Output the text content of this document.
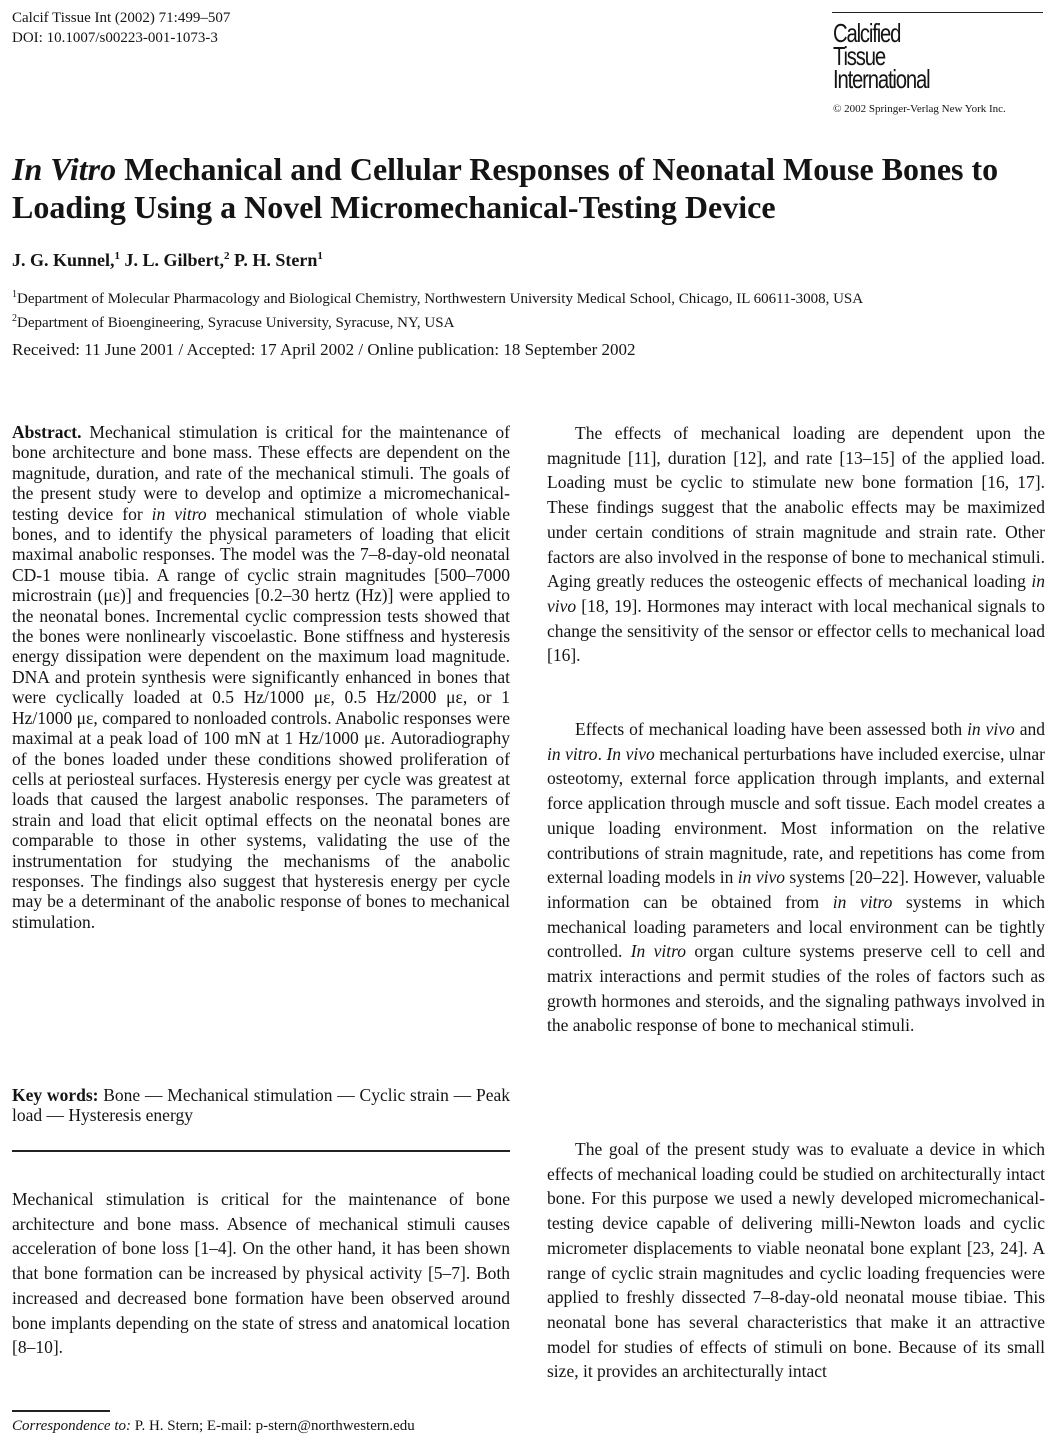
Calcif Tissue Int (2002) 71:499–507
DOI: 10.1007/s00223-001-1073-3	Calcified
Tissue
International
© 2002 Springer-Verlag New York Inc.
In Vitro Mechanical and Cellular Responses of Neonatal Mouse Bones to Loading Using a Novel Micromechanical-Testing Device
J. G. Kunnel,$^1$ J. L. Gilbert,$^2$ P. H. Stern$^1$
$^1$Department of Molecular Pharmacology and Biological Chemistry, Northwestern University Medical School, Chicago, IL 60611-3008, USA
$^2$Department of Bioengineering, Syracuse University, Syracuse, NY, USA
Received: 11 June 2001 / Accepted: 17 April 2002 / Online publication: 18 September 2002

Abstract. Mechanical stimulation is critical for the maintenance of bone architecture and bone mass. These effects are dependent on the magnitude, duration, and rate of the mechanical stimuli. The goals of the present study were to develop and optimize a micromechanical-testing device for in vitro mechanical stimulation of whole viable bones, and to identify the physical parameters of loading that elicit maximal anabolic responses. The model was the 7–8-day-old neonatal CD-1 mouse tibia. A range of cyclic strain magnitudes [500–7000 microstrain (με)] and frequencies [0.2–30 hertz (Hz)] were applied to the neonatal bones. Incremental cyclic compression tests showed that the bones were nonlinearly viscoelastic. Bone stiffness and hysteresis energy dissipation were dependent on the maximum load magnitude. DNA and protein synthesis were significantly enhanced in bones that were cyclically loaded at 0.5 Hz/1000 με, 0.5 Hz/2000 με, or 1 Hz/1000 με, compared to nonloaded controls. Anabolic responses were maximal at a peak load of 100 mN at 1 Hz/1000 με. Autoradiography of the bones loaded under these conditions showed proliferation of cells at periosteal surfaces. Hysteresis energy per cycle was greatest at loads that caused the largest anabolic responses. The parameters of strain and load that elicit optimal effects on the neonatal bones are comparable to those in other systems, validating the use of the instrumentation for studying the mechanisms of the anabolic responses. The findings also suggest that hysteresis energy per cycle may be a determinant of the anabolic response of bones to mechanical stimulation.

Key words: Bone — Mechanical stimulation — Cyclic strain — Peak load — Hysteresis energy

Mechanical stimulation is critical for the maintenance of bone architecture and bone mass. Absence of mechanical stimuli causes acceleration of bone loss [1–4]. On the other hand, it has been shown that bone formation can be increased by physical activity [5–7]. Both increased and decreased bone formation have been observed around bone implants depending on the state of stress and anatomical location [8–10].

Correspondence to: P. H. Stern; E-mail: p-stern@northwestern.edu

The effects of mechanical loading are dependent upon the magnitude [11], duration [12], and rate [13–15] of the applied load. Loading must be cyclic to stimulate new bone formation [16, 17]. These findings suggest that the anabolic effects may be maximized under certain conditions of strain magnitude and strain rate. Other factors are also involved in the response of bone to mechanical stimuli. Aging greatly reduces the osteogenic effects of mechanical loading in vivo [18, 19]. Hormones may interact with local mechanical signals to change the sensitivity of the sensor or effector cells to mechanical load [16].

Effects of mechanical loading have been assessed both in vivo and in vitro. In vivo mechanical perturbations have included exercise, ulnar osteotomy, external force application through implants, and external force application through muscle and soft tissue. Each model creates a unique loading environment. Most information on the relative contributions of strain magnitude, rate, and repetitions has come from external loading models in in vivo systems [20–22]. However, valuable information can be obtained from in vitro systems in which mechanical loading parameters and local environment can be tightly controlled. In vitro organ culture systems preserve cell to cell and matrix interactions and permit studies of the roles of factors such as growth hormones and steroids, and the signaling pathways involved in the anabolic response of bone to mechanical stimuli.

The goal of the present study was to evaluate a device in which effects of mechanical loading could be studied on architecturally intact bone. For this purpose we used a newly developed micromechanical-testing device capable of delivering milli-Newton loads and cyclic micrometer displacements to viable neonatal bone explant [23, 24]. A range of cyclic strain magnitudes and cyclic loading frequencies were applied to freshly dissected 7–8-day-old neonatal mouse tibiae. This neonatal bone has several characteristics that make it an attractive model for studies of effects of stimuli on bone. Because of its small size, it provides an architecturally intact
